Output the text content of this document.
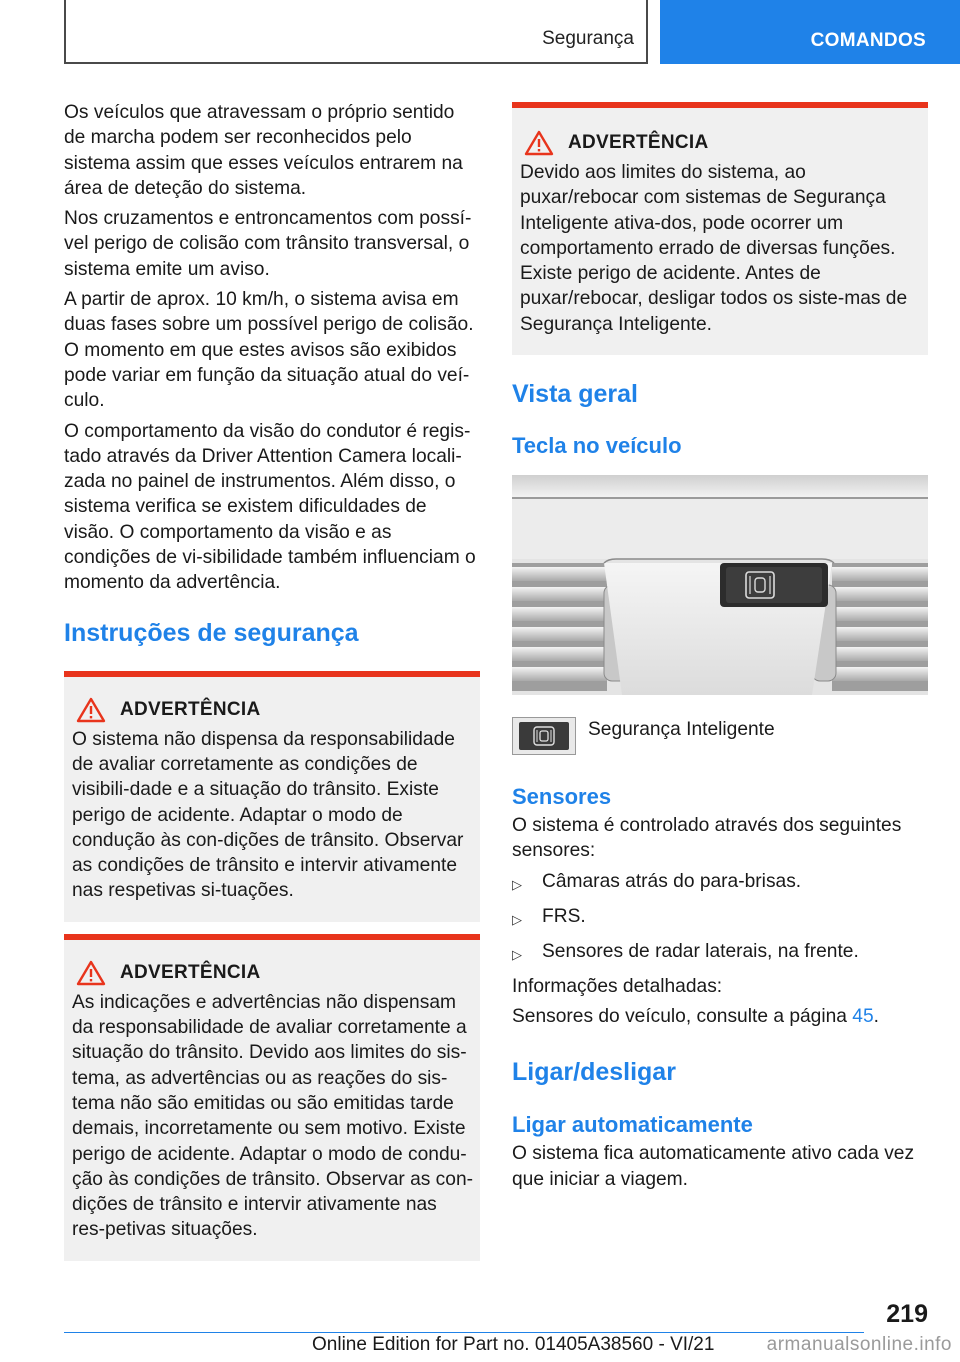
Segurança	COMANDOS

Os veículos que atravessam o próprio sentido de marcha podem ser reconhecidos pelo sistema assim que esses veículos entrarem na área de deteção do sistema.

Nos cruzamentos e entroncamentos com possí-vel perigo de colisão com trânsito transversal, o sistema emite um aviso.

A partir de aprox. 10 km/h, o sistema avisa em duas fases sobre um possível perigo de colisão. O momento em que estes avisos são exibidos pode variar em função da situação atual do veí-culo.

O comportamento da visão do condutor é regis-tado através da Driver Attention Camera locali-zada no painel de instrumentos. Além disso, o sistema verifica se existem dificuldades de visão. O comportamento da visão e as condições de vi-sibilidade também influenciam o momento da advertência.

Instruções de segurança
ADVERTÊNCIA

O sistema não dispensa da responsabilidade de avaliar corretamente as condições de visibili-dade e a situação do trânsito. Existe perigo de acidente. Adaptar o modo de condução às con-dições de trânsito. Observar as condições de trânsito e intervir ativamente nas respetivas si-tuações.

ADVERTÊNCIA

As indicações e advertências não dispensam da responsabilidade de avaliar corretamente a situação do trânsito. Devido aos limites do sis-tema, as advertências ou as reações do sis-tema não são emitidas ou são emitidas tarde demais, incorretamente ou sem motivo. Existe perigo de acidente. Adaptar o modo de condu-ção às condições de trânsito. Observar as con-dições de trânsito e intervir ativamente nas res-petivas situações.

ADVERTÊNCIA

Devido aos limites do sistema, ao puxar/rebocar com sistemas de Segurança Inteligente ativa-dos, pode ocorrer um comportamento errado de diversas funções. Existe perigo de acidente. Antes de puxar/rebocar, desligar todos os siste-mas de Segurança Inteligente.

Vista geral
Tecla no veículo
Segurança Inteligente
Sensores

O sistema é controlado através dos seguintes sensores:

▷	Câmaras atrás do para-brisas.
▷	FRS.
▷	Sensores de radar laterais, na frente.

Informações detalhadas:

Sensores do veículo, consulte a página 45.

Ligar/desligar
Ligar automaticamente

O sistema fica automaticamente ativo cada vez que iniciar a viagem.

219
Online Edition for Part no. 01405A38560 - VI/21	armanualsonline.info
